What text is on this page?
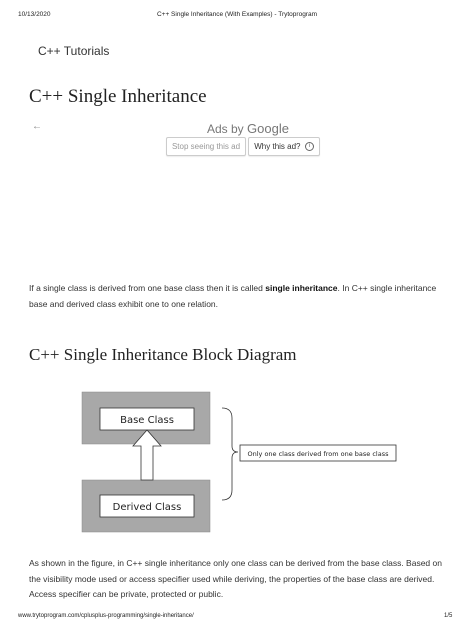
10/13/2020	C++ Single Inheritance (With Examples) - Trytoprogram
C++ Tutorials
C++ Single Inheritance
←	Ads by Google
Stop seeing this ad	Why this ad? i

If a single class is derived from one base class then it is called single inheritance. In C++ single inheritance base and derived class exhibit one to one relation.

C++ Single Inheritance Block Diagram
Base Class
Derived Class
Only one class derived from one base class

As shown in the figure, in C++ single inheritance only one class can be derived from the base class. Based on the visibility mode used or access specifier used while deriving, the properties of the base class are derived. Access specifier can be private, protected or public.

www.trytoprogram.com/cplusplus-programming/single-inheritance/	1/5
